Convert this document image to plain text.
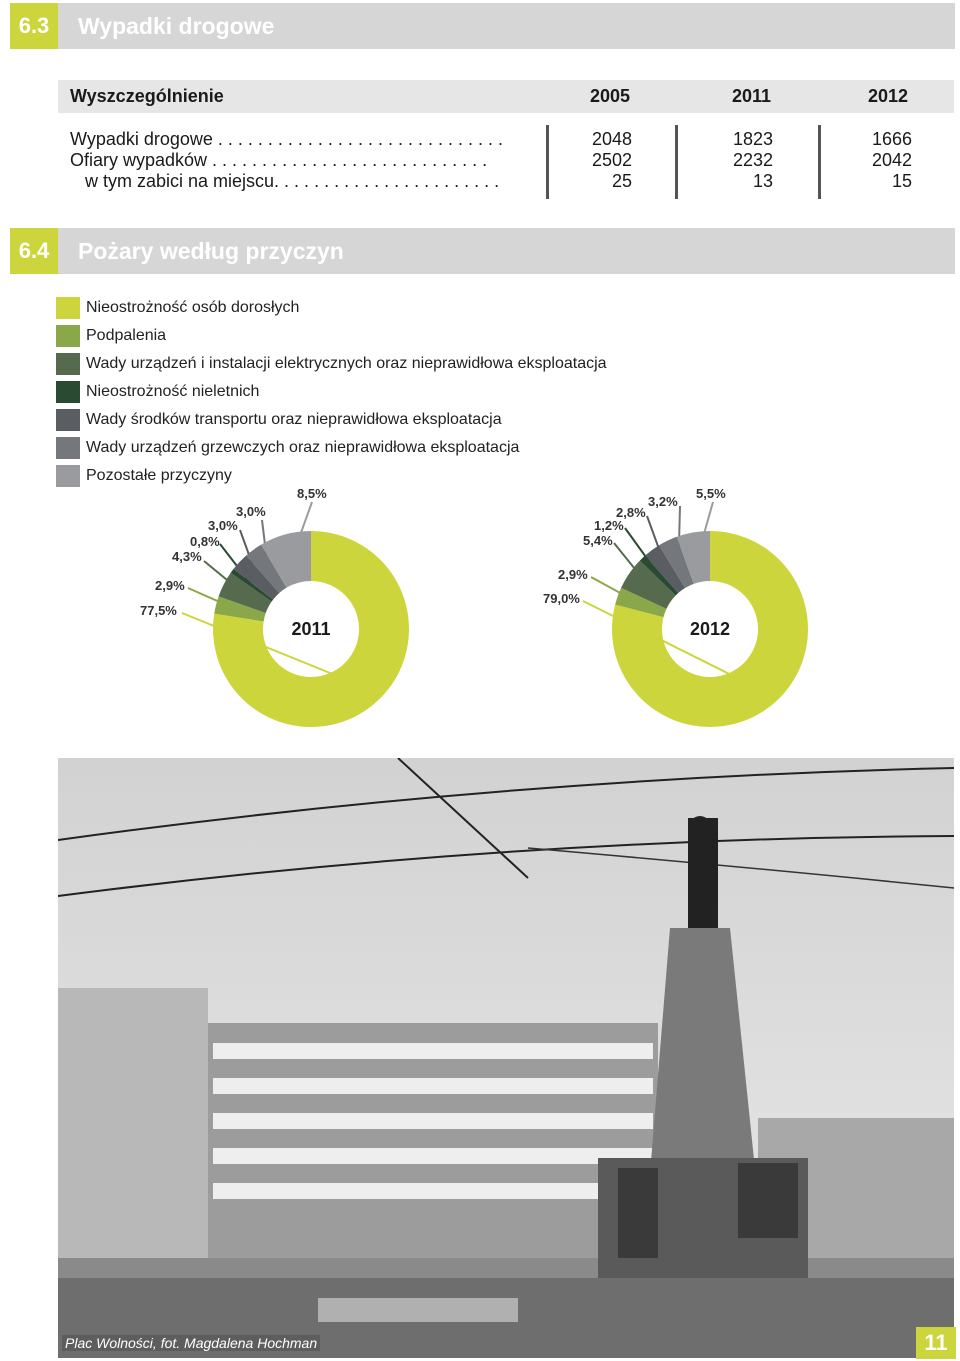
6.3	Wypadki drogowe
Wyszczególnienie	2005	2011	2012
Wypadki drogowe . . . . . . . . . . . . . . . . . . . . . . . . . . . . .	2048	1823	1666
Ofiary wypadków . . . . . . . . . . . . . . . . . . . . . . . . . . . .	2502	2232	2042
w tym zabici na miejscu. . . . . . . . . . . . . . . . . . . . . . .	25	13	15
6.4	Pożary według przyczyn
Nieostrożność osób dorosłych
Podpalenia
Wady urządzeń i instalacji elektrycznych oraz nieprawidłowa eksploatacja
Nieostrożność nieletnich
Wady środków transportu oraz nieprawidłowa eksploatacja
Wady urządzeń grzewczych oraz nieprawidłowa eksploatacja
Pozostałe przyczyny
77,5%
2,9%
4,3%
0,8%
3,0%
3,0%
8,5%
2011
79,0%
2,9%
5,4%
1,2%
2,8%
3,2%
5,5%
2012
Plac Wolności, fot. Magdalena Hochman	11
